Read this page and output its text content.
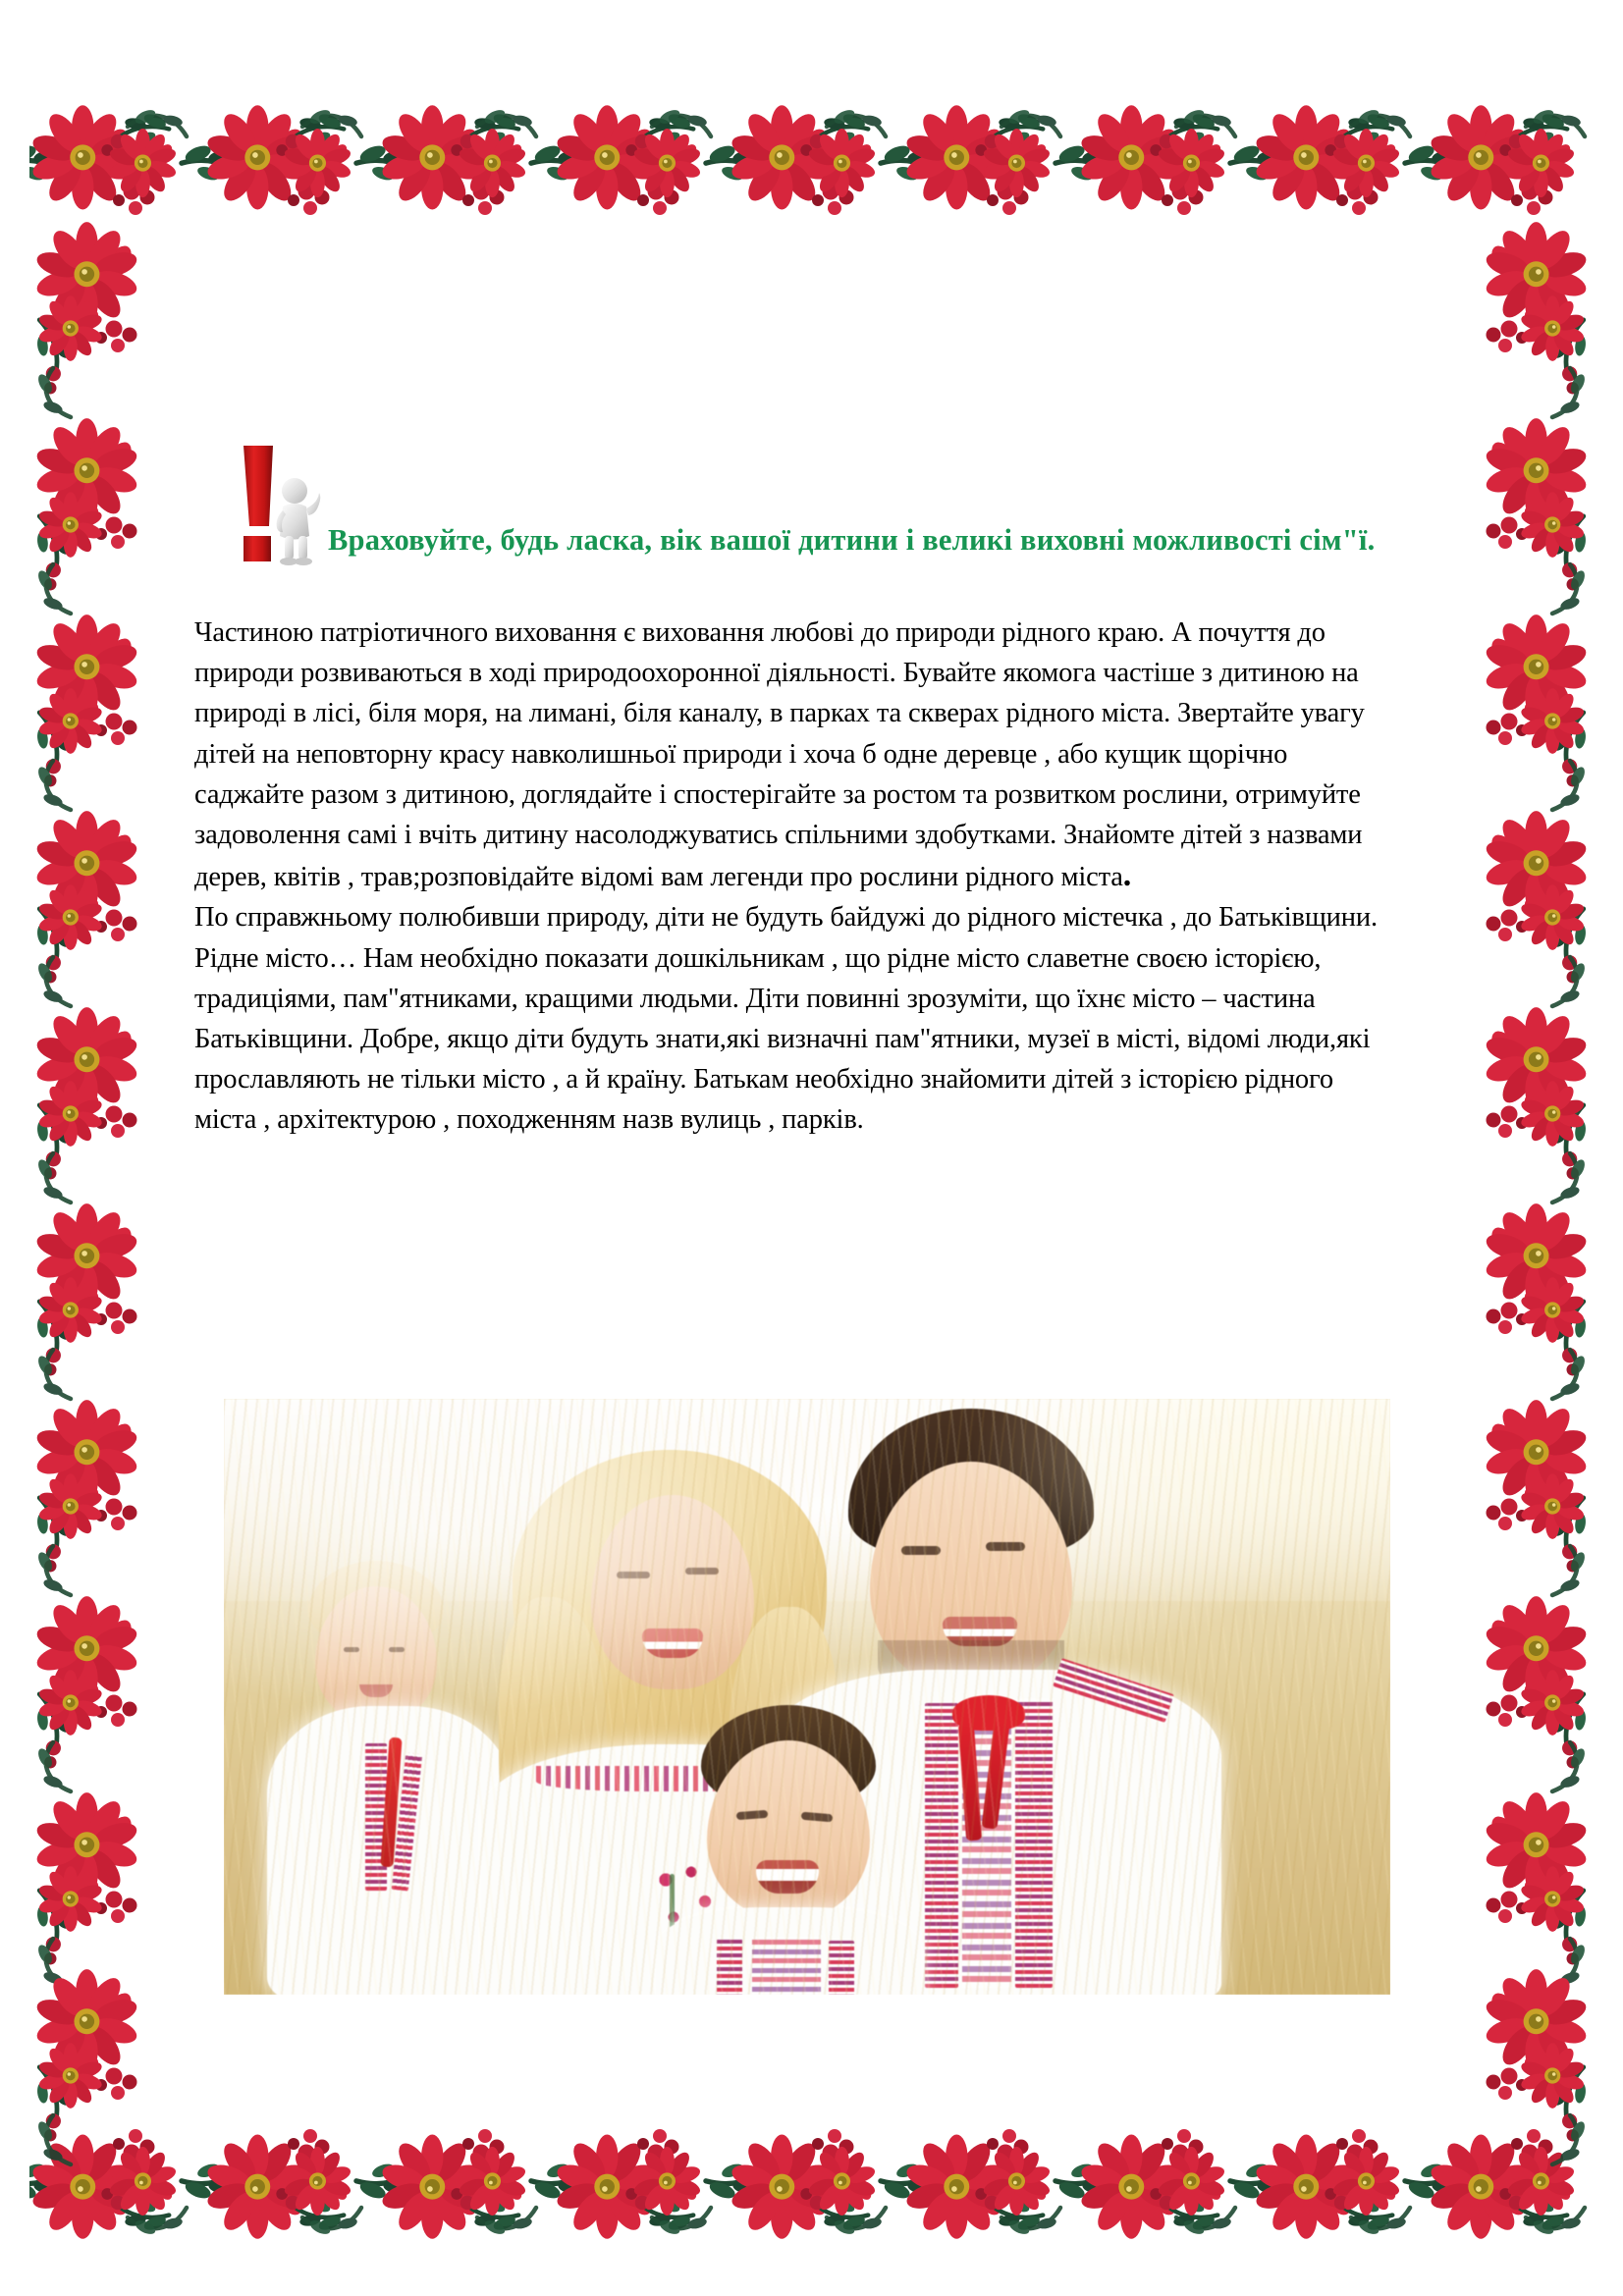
Враховуйте, будь ласка, вік вашої дитини і великі виховні можливості сім"ї.

Частиною патріотичного виховання є виховання любові до природи рідного краю. А почуття до природи розвиваються в ході природоохоронної діяльності. Бувайте якомога частіше з дитиною на природі в лісі, біля моря, на лимані, біля каналу, в парках та скверах рідного міста. Звертайте увагу дітей на неповторну красу навколишньої природи і хоча б одне деревце , або кущик щорічно саджайте разом з дитиною, доглядайте і спостерігайте за ростом та розвитком рослини, отримуйте задоволення самі і вчіть дитину насолоджуватись спільними здобутками. Знайомте дітей з назвами дерев, квітів , трав;розповідайте відомі вам легенди про рослини рідного міста.

По справжньому полюбивши природу, діти не будуть байдужі до рідного містечка , до Батьківщини.

Рідне місто… Нам необхідно показати дошкільникам , що рідне місто славетне своєю історією, традиціями, пам"ятниками, кращими людьми. Діти повинні зрозуміти, що їхнє місто – частина Батьківщини. Добре, якщо діти будуть знати,які визначні пам"ятники, музеї в місті, відомі люди,які прославляють не тільки місто , а й країну. Батькам необхідно знайомити дітей з історією рідного міста , архітектурою , походженням назв вулиць , парків.
